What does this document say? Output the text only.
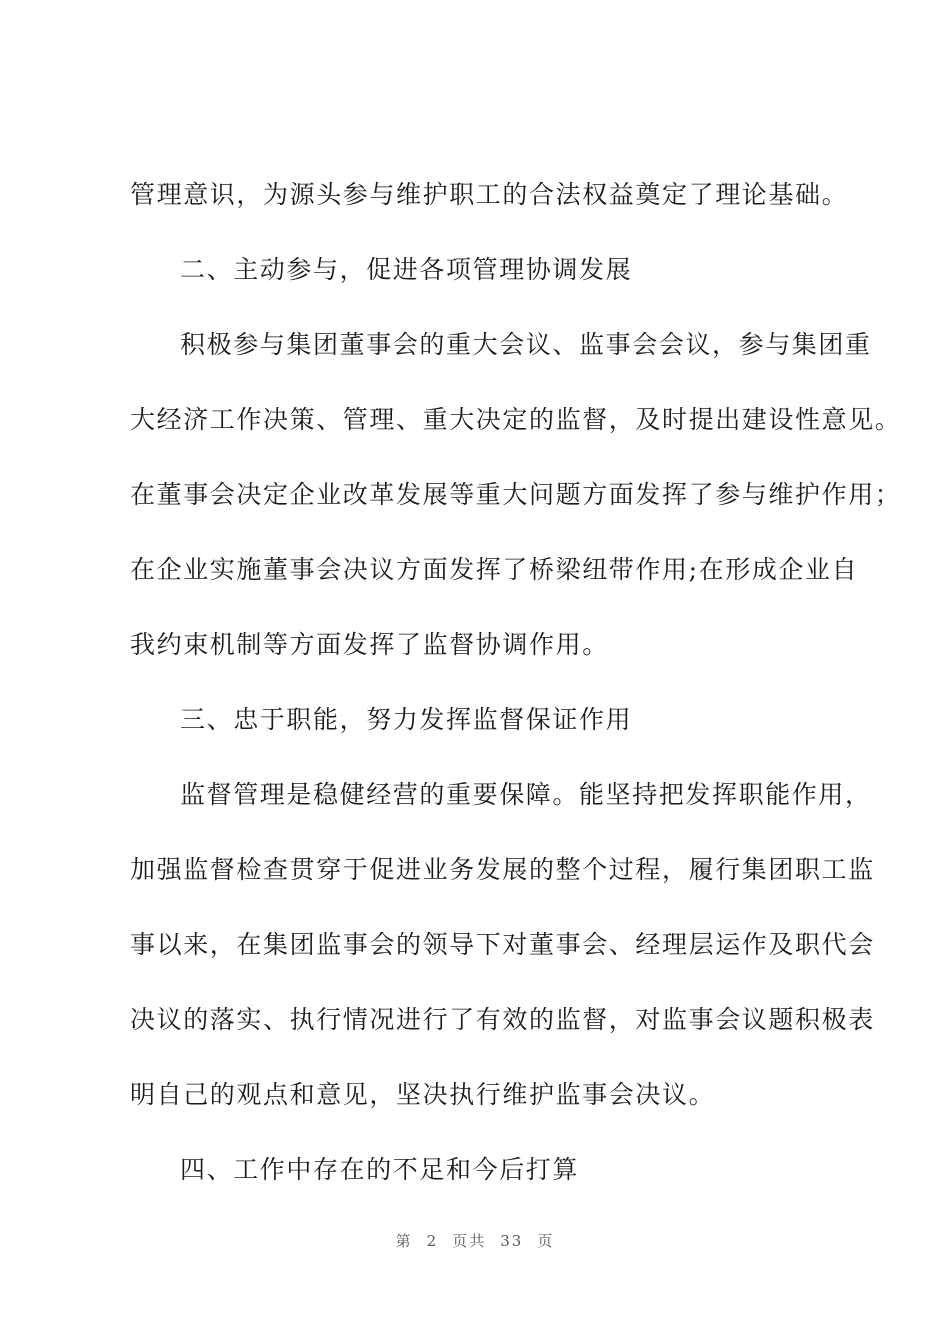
管理意识，为源头参与维护职工的合法权益奠定了理论基础。
二、主动参与，促进各项管理协调发展
积极参与集团董事会的重大会议、监事会会议，参与集团重
大经济工作决策、管理、重大决定的监督，及时提出建设性意见。
在董事会决定企业改革发展等重大问题方面发挥了参与维护作用；
在企业实施董事会决议方面发挥了桥梁纽带作用;在形成企业自
我约束机制等方面发挥了监督协调作用。
三、忠于职能，努力发挥监督保证作用
监督管理是稳健经营的重要保障。能坚持把发挥职能作用，
加强监督检查贯穿于促进业务发展的整个过程，履行集团职工监
事以来，在集团监事会的领导下对董事会、经理层运作及职代会
决议的落实、执行情况进行了有效的监督，对监事会议题积极表
明自己的观点和意见，坚决执行维护监事会决议。
四、工作中存在的不足和今后打算
第 2 页共 33 页
